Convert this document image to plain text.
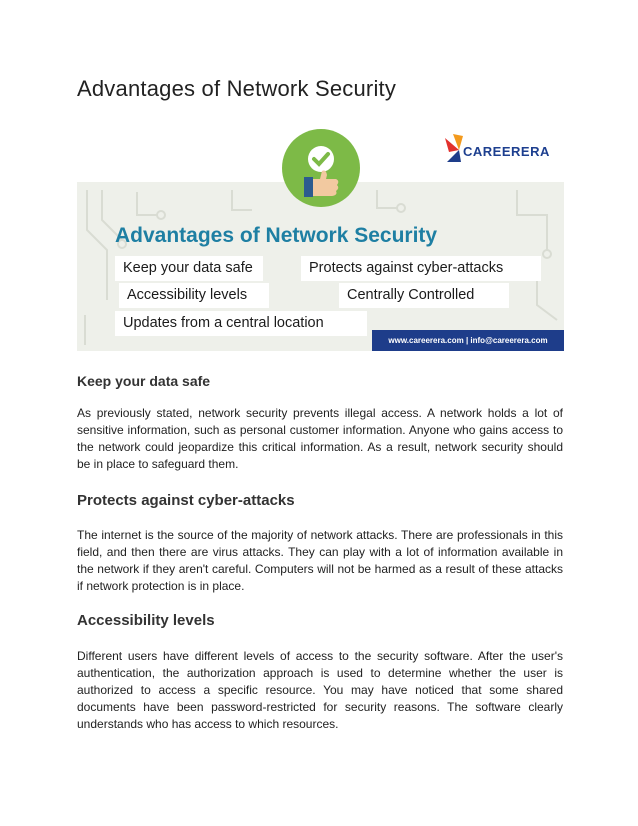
Advantages of Network Security
CAREERERA
Advantages of Network Security
Keep your data safe	Protects against cyber-attacks
Accessibility levels	Centrally Controlled
Updates from a central location
www.careerera.com | info@careerera.com
Keep your data safe

As previously stated, network security prevents illegal access. A network holds a lot of sensitive information, such as personal customer information. Anyone who gains access to the network could jeopardize this critical information. As a result, network security should be in place to safeguard them.

Protects against cyber-attacks

The internet is the source of the majority of network attacks. There are professionals in this field, and then there are virus attacks. They can play with a lot of information available in the network if they aren't careful. Computers will not be harmed as a result of these attacks if network protection is in place.

Accessibility levels

Different users have different levels of access to the security software. After the user's authentication, the authorization approach is used to determine whether the user is authorized to access a specific resource. You may have noticed that some shared documents have been password-restricted for security reasons. The software clearly understands who has access to which resources.
